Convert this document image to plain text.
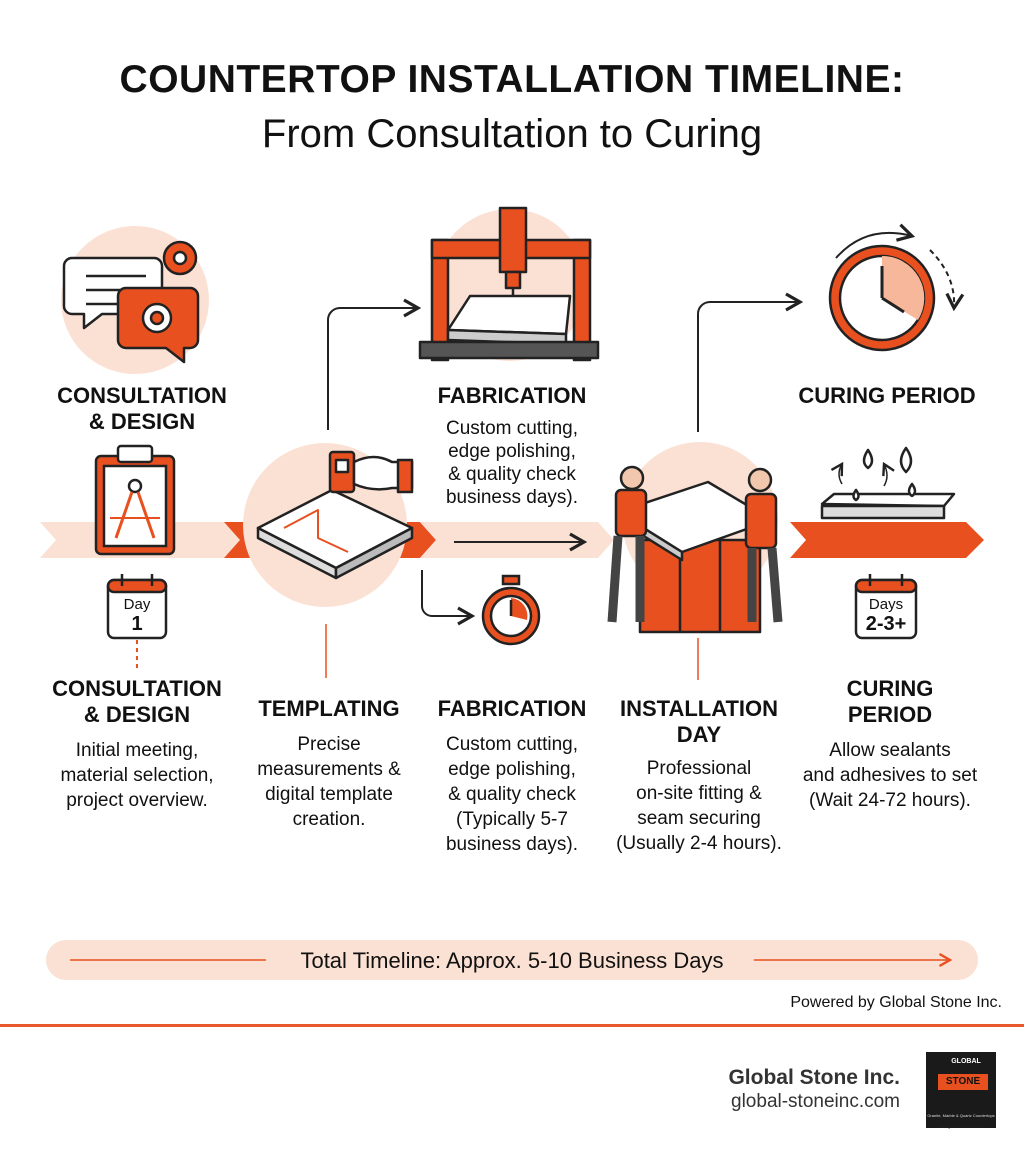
COUNTERTOP INSTALLATION TIMELINE:
From Consultation to Curing
CONSULTATION
& DESIGN
FABRICATION
Custom cutting,
edge polishing,
& quality check
business days).
CURING PERIOD
Day
1
Days
2-3+
CONSULTATION
& DESIGN
Initial meeting,
material selection,
project overview.
TEMPLATING
Precise
measurements &
digital template
creation.
FABRICATION
Custom cutting,
edge polishing,
& quality check
(Typically 5-7
business days).
INSTALLATION
DAY
Professional
on-site fitting &
seam securing
(Usually 2-4 hours).
CURING
PERIOD
Allow sealants
and adhesives to set
(Wait 24-72 hours).
Total Timeline: Approx. 5-10 Business Days
Powered by Global Stone Inc.
Global Stone Inc.
global-stoneinc.com
GLOBAL
STONE
Granite, Marble & Quartz Countertops
www.global-stoneinc.com
